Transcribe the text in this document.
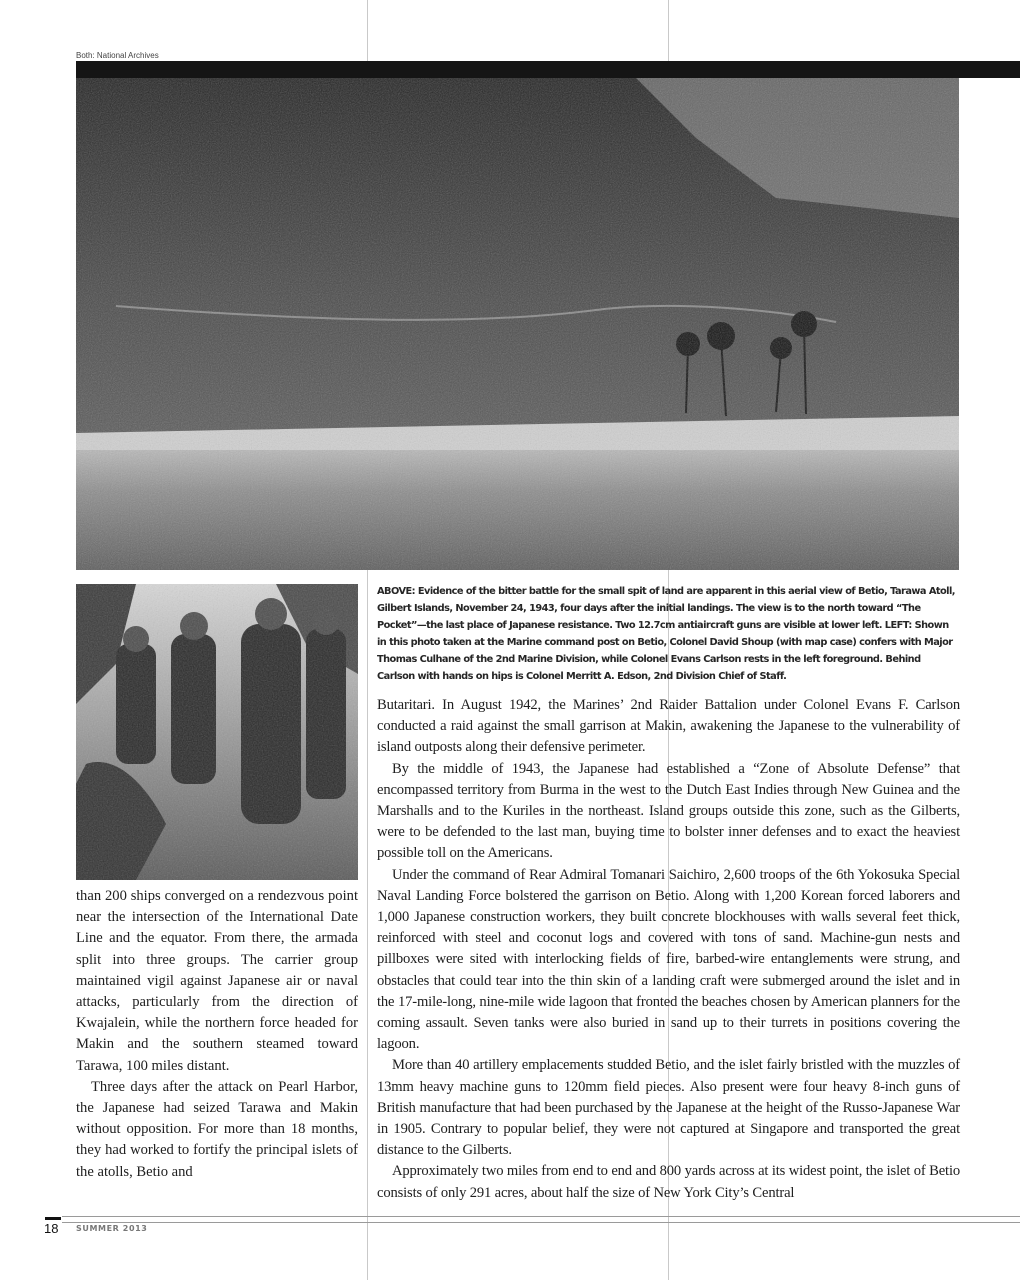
Both: National Archives
ABOVE: Evidence of the bitter battle for the small spit of land are apparent in this aerial view of Betio, Tarawa Atoll, Gilbert Islands, November 24, 1943, four days after the initial landings. The view is to the north toward “The Pocket”—the last place of Japanese resistance. Two 12.7cm antiaircraft guns are visible at lower left. LEFT: Shown in this photo taken at the Marine command post on Betio, Colonel David Shoup (with map case) confers with Major Thomas Culhane of the 2nd Marine Division, while Colonel Evans Carlson rests in the left foreground. Behind Carlson with hands on hips is Colonel Merritt A. Edson, 2nd Division Chief of Staff.

than 200 ships converged on a rendezvous point near the intersection of the International Date Line and the equator. From there, the armada split into three groups. The carrier group maintained vigil against Japanese air or naval attacks, particularly from the direction of Kwajalein, while the northern force headed for Makin and the southern steamed toward Tarawa, 100 miles distant.

Three days after the attack on Pearl Harbor, the Japanese had seized Tarawa and Makin without opposition. For more than 18 months, they had worked to fortify the principal islets of the atolls, Betio and

Butaritari. In August 1942, the Marines’ 2nd Raider Battalion under Colonel Evans F. Carlson conducted a raid against the small garrison at Makin, awakening the Japanese to the vulnerability of island outposts along their defensive perimeter.

By the middle of 1943, the Japanese had established a “Zone of Absolute Defense” that encompassed territory from Burma in the west to the Dutch East Indies through New Guinea and the Marshalls and to the Kuriles in the northeast. Island groups outside this zone, such as the Gilberts, were to be defended to the last man, buying time to bolster inner defenses and to exact the heaviest possible toll on the Americans.

Under the command of Rear Admiral Tomanari Saichiro, 2,600 troops of the 6th Yokosuka Special Naval Landing Force bolstered the garrison on Betio. Along with 1,200 Korean forced laborers and 1,000 Japanese construction workers, they built concrete blockhouses with walls several feet thick, reinforced with steel and coconut logs and covered with tons of sand. Machine-gun nests and pillboxes were sited with interlocking fields of fire, barbed-wire entanglements were strung, and obstacles that could tear into the thin skin of a landing craft were submerged around the islet and in the 17-mile-long, nine-mile wide lagoon that fronted the beaches chosen by American planners for the coming assault. Seven tanks were also buried in sand up to their turrets in positions covering the lagoon.

More than 40 artillery emplacements studded Betio, and the islet fairly bristled with the muzzles of 13mm heavy machine guns to 120mm field pieces. Also present were four heavy 8-inch guns of British manufacture that had been purchased by the Japanese at the height of the Russo-Japanese War in 1905. Contrary to popular belief, they were not captured at Singapore and transported the great distance to the Gilberts.

Approximately two miles from end to end and 800 yards across at its widest point, the islet of Betio consists of only 291 acres, about half the size of New York City’s Central

18 SUMMER 2013
